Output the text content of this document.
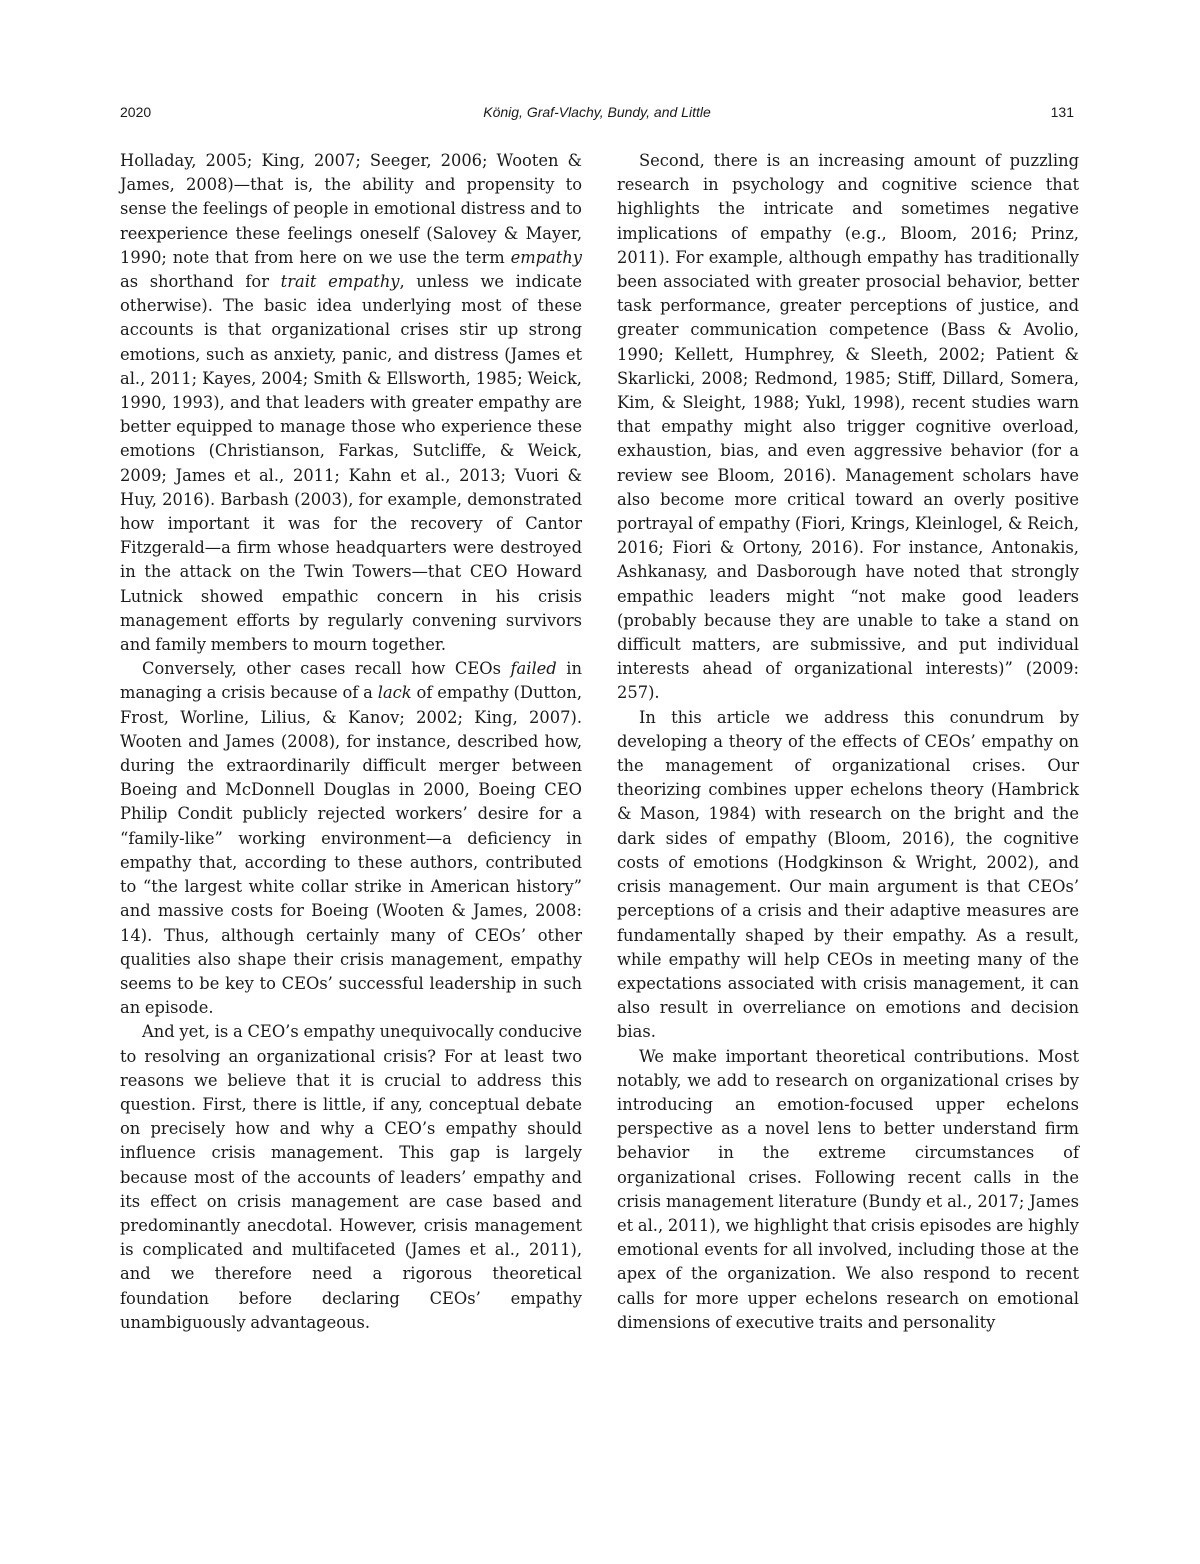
2020	König, Graf-Vlachy, Bundy, and Little	131

Holladay, 2005; King, 2007; Seeger, 2006; Wooten & James, 2008)—that is, the ability and propensity to sense the feelings of people in emotional distress and to reexperience these feelings oneself (Salovey & Mayer, 1990; note that from here on we use the term empathy as shorthand for trait empathy, unless we indicate otherwise). The basic idea underlying most of these accounts is that organizational crises stir up strong emotions, such as anxiety, panic, and distress (James et al., 2011; Kayes, 2004; Smith & Ellsworth, 1985; Weick, 1990, 1993), and that leaders with greater empathy are better equipped to manage those who experience these emotions (Christianson, Farkas, Sutcliffe, & Weick, 2009; James et al., 2011; Kahn et al., 2013; Vuori & Huy, 2016). Barbash (2003), for example, demonstrated how important it was for the recovery of Cantor Fitzgerald—a firm whose headquarters were destroyed in the attack on the Twin Towers—that CEO Howard Lutnick showed empathic concern in his crisis management efforts by regularly convening survivors and family members to mourn together.

Conversely, other cases recall how CEOs failed in managing a crisis because of a lack of empathy (Dutton, Frost, Worline, Lilius, & Kanov; 2002; King, 2007). Wooten and James (2008), for instance, described how, during the extraordinarily difficult merger between Boeing and McDonnell Douglas in 2000, Boeing CEO Philip Condit publicly rejected workers’ desire for a “family-like” working environment—a deficiency in empathy that, according to these authors, contributed to “the largest white collar strike in American history” and massive costs for Boeing (Wooten & James, 2008: 14). Thus, although certainly many of CEOs’ other qualities also shape their crisis management, empathy seems to be key to CEOs’ successful leadership in such an episode.

And yet, is a CEO’s empathy unequivocally conducive to resolving an organizational crisis? For at least two reasons we believe that it is crucial to address this question. First, there is little, if any, conceptual debate on precisely how and why a CEO’s empathy should influence crisis management. This gap is largely because most of the accounts of leaders’ empathy and its effect on crisis management are case based and predominantly anecdotal. However, crisis management is complicated and multifaceted (James et al., 2011), and we therefore need a rigorous theoretical foundation before declaring CEOs’ empathy unambiguously advantageous.

Second, there is an increasing amount of puzzling research in psychology and cognitive science that highlights the intricate and sometimes negative implications of empathy (e.g., Bloom, 2016; Prinz, 2011). For example, although empathy has traditionally been associated with greater prosocial behavior, better task performance, greater perceptions of justice, and greater communication competence (Bass & Avolio, 1990; Kellett, Humphrey, & Sleeth, 2002; Patient & Skarlicki, 2008; Redmond, 1985; Stiff, Dillard, Somera, Kim, & Sleight, 1988; Yukl, 1998), recent studies warn that empathy might also trigger cognitive overload, exhaustion, bias, and even aggressive behavior (for a review see Bloom, 2016). Management scholars have also become more critical toward an overly positive portrayal of empathy (Fiori, Krings, Kleinlogel, & Reich, 2016; Fiori & Ortony, 2016). For instance, Antonakis, Ashkanasy, and Dasborough have noted that strongly empathic leaders might “not make good leaders (probably because they are unable to take a stand on difficult matters, are submissive, and put individual interests ahead of organizational interests)” (2009: 257).

In this article we address this conundrum by developing a theory of the effects of CEOs’ empathy on the management of organizational crises. Our theorizing combines upper echelons theory (Hambrick & Mason, 1984) with research on the bright and the dark sides of empathy (Bloom, 2016), the cognitive costs of emotions (Hodgkinson & Wright, 2002), and crisis management. Our main argument is that CEOs’ perceptions of a crisis and their adaptive measures are fundamentally shaped by their empathy. As a result, while empathy will help CEOs in meeting many of the expectations associated with crisis management, it can also result in overreliance on emotions and decision bias.

We make important theoretical contributions. Most notably, we add to research on organizational crises by introducing an emotion-focused upper echelons perspective as a novel lens to better understand firm behavior in the extreme circumstances of organizational crises. Following recent calls in the crisis management literature (Bundy et al., 2017; James et al., 2011), we highlight that crisis episodes are highly emotional events for all involved, including those at the apex of the organization. We also respond to recent calls for more upper echelons research on emotional dimensions of executive traits and personality
